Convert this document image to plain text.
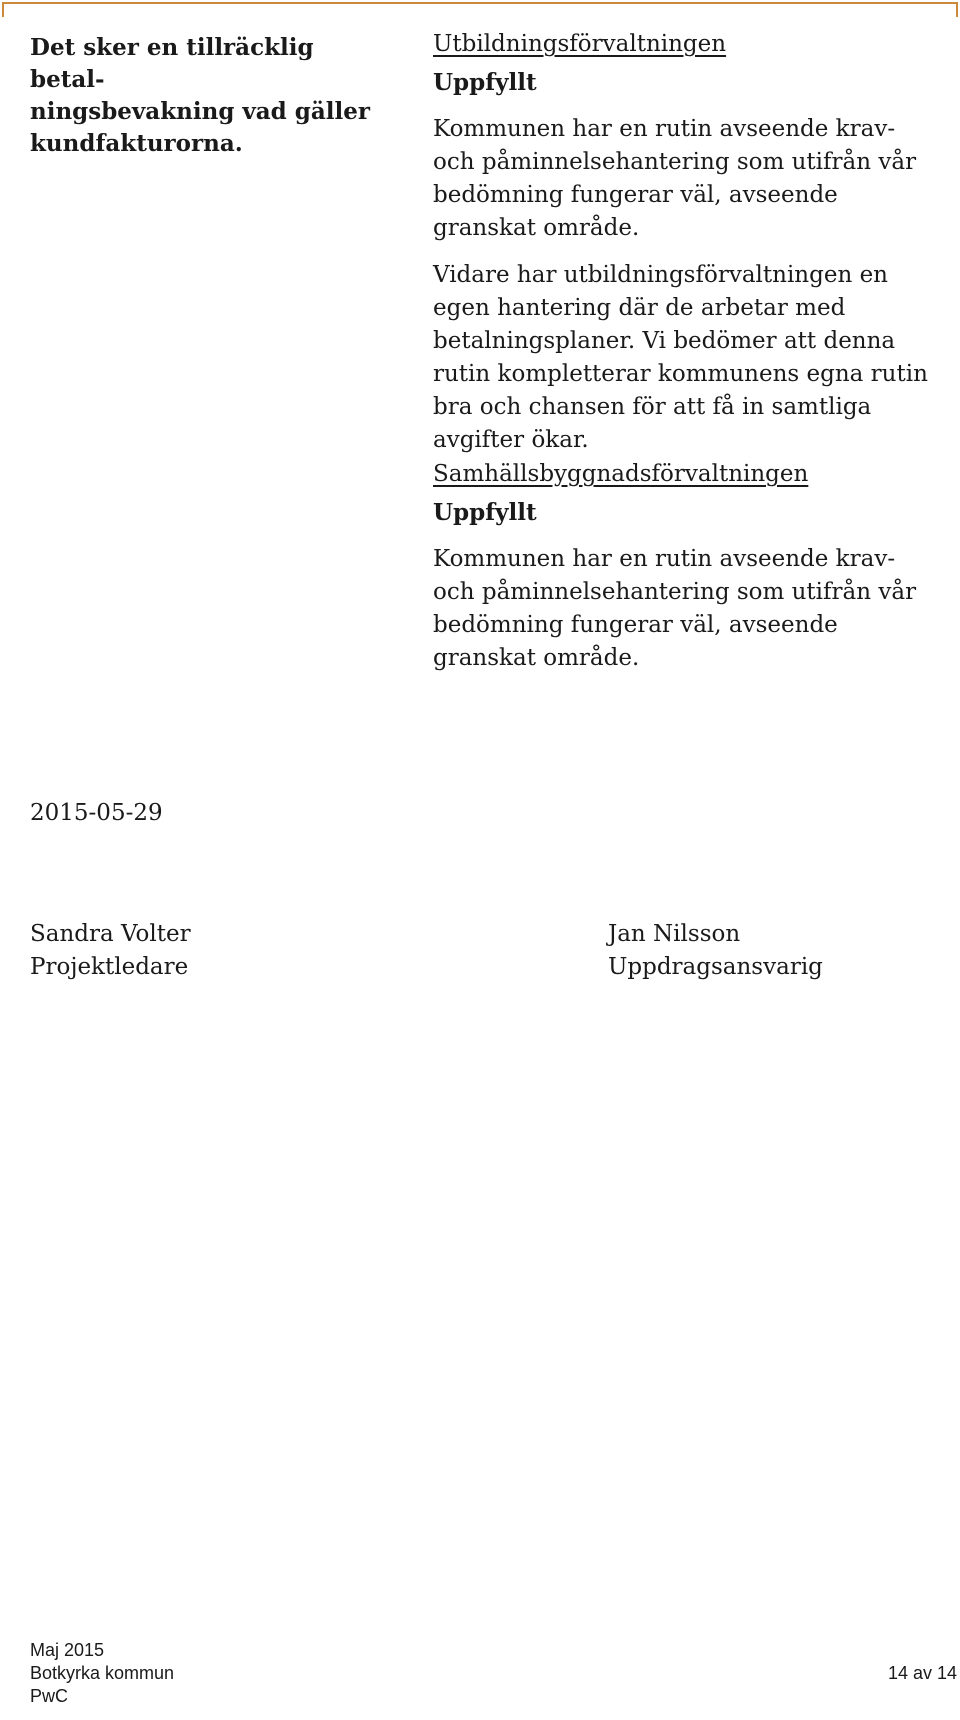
Det sker en tillräcklig betal-
ningsbevakning vad gäller
kundfakturorna.

Utbildningsförvaltningen

Uppfyllt

Kommunen har en rutin avseende krav- och påminnelsehantering som utifrån vår bedömning fungerar väl, avseende granskat område.

Vidare har utbildningsförvaltningen en egen hantering där de arbetar med betalningsplaner. Vi bedömer att denna rutin kompletterar kommunens egna rutin bra och chansen för att få in samtliga avgifter ökar.

Samhällsbyggnadsförvaltningen

Uppfyllt

Kommunen har en rutin avseende krav- och påminnelsehantering som utifrån vår bedömning fungerar väl, avseende granskat område.

2015-05-29

Sandra Volter

Projektledare

Jan Nilsson

Uppdragsansvarig

Maj 2015

Botkyrka kommun

PwC

14 av 14
